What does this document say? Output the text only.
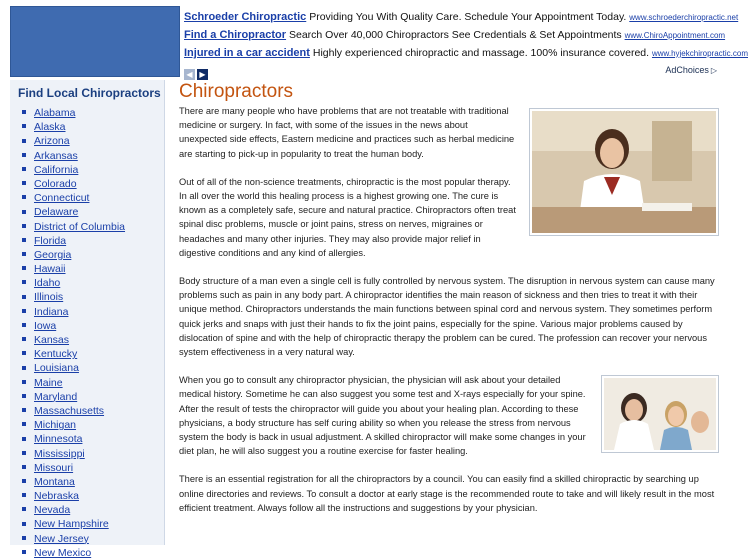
Schroeder Chiropractic Providing You With Quality Care. Schedule Your Appointment Today. www.schroederchiropractic.net
Find a Chiropractor Search Over 40,000 Chiropractors See Credentials & Set Appointments www.ChiroAppointment.com
Injured in a car accident Highly experienced chiropractic and massage. 100% insurance covered. www.hyjekchiropractic.com
◀ ▶	AdChoices ▷
Find Local Chiropractors
Alabama
Alaska
Arizona
Arkansas
California
Colorado
Connecticut
Delaware
District of Columbia
Florida
Georgia
Hawaii
Idaho
Illinois
Indiana
Iowa
Kansas
Kentucky
Louisiana
Maine
Maryland
Massachusetts
Michigan
Minnesota
Mississippi
Missouri
Montana
Nebraska
Nevada
New Hampshire
New Jersey
New Mexico
Chiropractors

There are many people who have problems that are not treatable with traditional medicine or surgery. In fact, with some of the issues in the news about unexpected side effects, Eastern medicine and practices such as herbal medicine are starting to pick-up in popularity to treat the human body.

Out of all of the non-science treatments, chiropractic is the most popular therapy. In all over the world this healing process is a highest growing one. The cure is known as a completely safe, secure and natural practice. Chiropractors often treat spinal disc problems, muscle or joint pains, stress on nerves, migraines or headaches and many other injuries. They may also provide major relief in digestive conditions and any kind of allergies.

Body structure of a man even a single cell is fully controlled by nervous system. The disruption in nervous system can cause many problems such as pain in any body part. A chiropractor identifies the main reason of sickness and then tries to treat it with their unique method. Chiropractors understands the main functions between spinal cord and nervous system. They sometimes perform quick jerks and snaps with just their hands to fix the joint pains, especially for the spine. Various major problems caused by dislocation of spine and with the help of chiropractic therapy the problem can be cured. The profession can recover your nervous system effectiveness in a very natural way.

When you go to consult any chiropractor physician, the physician will ask about your detailed medical history. Sometime he can also suggest you some test and X-rays especially for your spine. After the result of tests the chiropractor will guide you about your healing plan. According to these physicians, a body structure has self curing ability so when you release the stress from nervous system the body is back in usual adjustment. A skilled chiropractor will make some changes in your diet plan, he will also suggest you a routine exercise for faster healing.

There is an essential registration for all the chiropractors by a council. You can easily find a skilled chiropractic by searching up online directories and reviews. To consult a doctor at early stage is the recommended route to take and will likely result in the most efficient treatment. Always follow all the instructions and suggestions by your physician.
